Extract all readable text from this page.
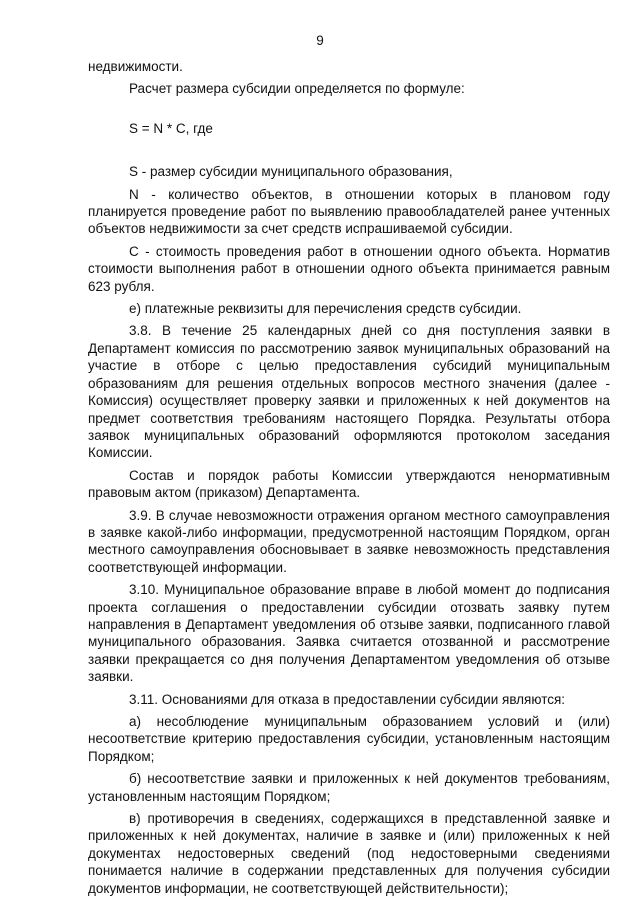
9

недвижимости.

Расчет размера субсидии определяется по формуле:

S = N * C, где

S - размер субсидии муниципального образования,

N - количество объектов, в отношении которых в плановом году планируется проведение работ по выявлению правообладателей ранее учтенных объектов недвижимости за счет средств испрашиваемой субсидии.

С - стоимость проведения работ в отношении одного объекта. Норматив стоимости выполнения работ в отношении одного объекта принимается равным 623 рубля.

е) платежные реквизиты для перечисления средств субсидии.

3.8. В течение 25 календарных дней со дня поступления заявки в Департамент комиссия по рассмотрению заявок муниципальных образований на участие в отборе с целью предоставления субсидий муниципальным образованиям для решения отдельных вопросов местного значения (далее - Комиссия) осуществляет проверку заявки и приложенных к ней документов на предмет соответствия требованиям настоящего Порядка. Результаты отбора заявок муниципальных образований оформляются протоколом заседания Комиссии.

Состав и порядок работы Комиссии утверждаются ненормативным правовым актом (приказом) Департамента.

3.9. В случае невозможности отражения органом местного самоуправления в заявке какой-либо информации, предусмотренной настоящим Порядком, орган местного самоуправления обосновывает в заявке невозможность представления соответствующей информации.

3.10. Муниципальное образование вправе в любой момент до подписания проекта соглашения о предоставлении субсидии отозвать заявку путем направления в Департамент уведомления об отзыве заявки, подписанного главой муниципального образования. Заявка считается отозванной и рассмотрение заявки прекращается со дня получения Департаментом уведомления об отзыве заявки.

3.11. Основаниями для отказа в предоставлении субсидии являются:

а) несоблюдение муниципальным образованием условий и (или) несоответствие критерию предоставления субсидии, установленным настоящим Порядком;

б) несоответствие заявки и приложенных к ней документов требованиям, установленным настоящим Порядком;

в) противоречия в сведениях, содержащихся в представленной заявке и приложенных к ней документах, наличие в заявке и (или) приложенных к ней документах недостоверных сведений (под недостоверными сведениями понимается наличие в содержании представленных для получения субсидии документов информации, не соответствующей действительности);
